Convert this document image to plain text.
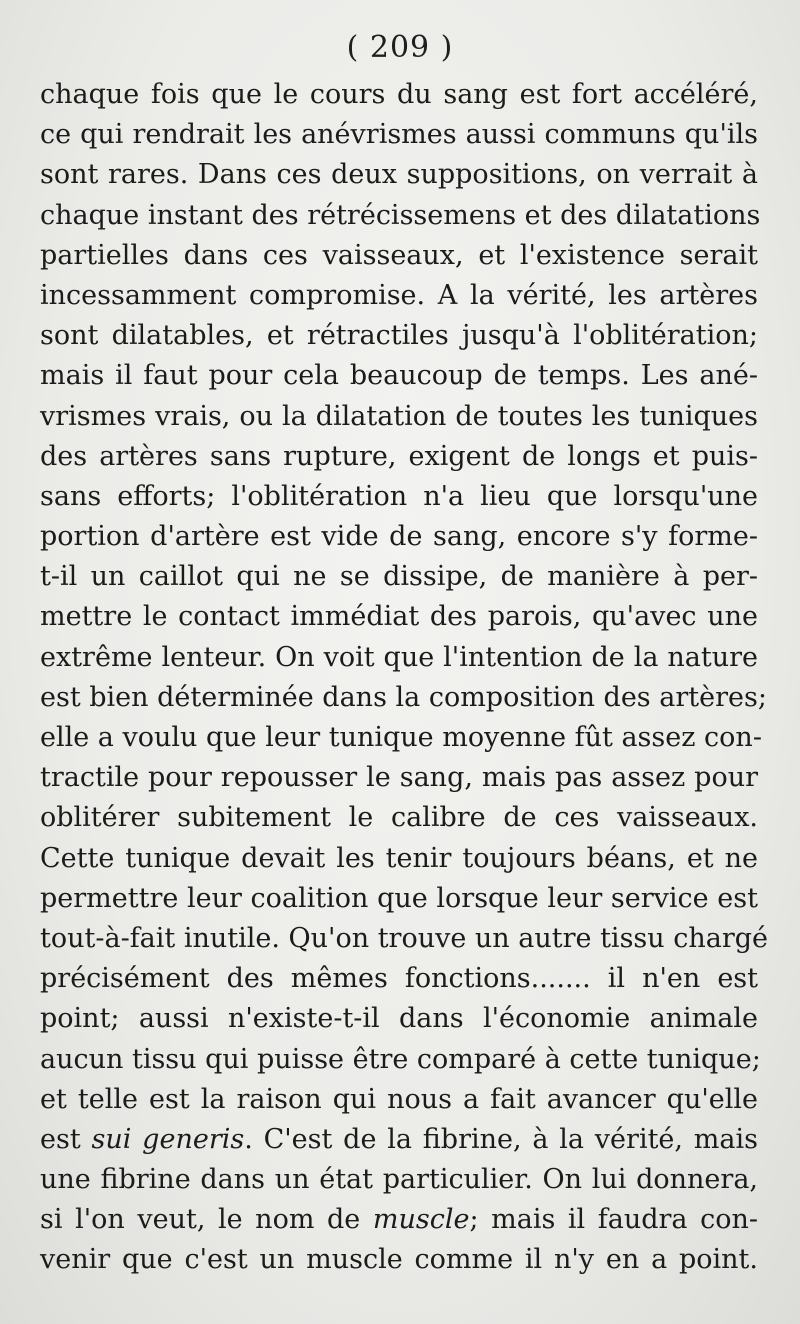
( 209 )
chaque fois que le cours du sang est fort accéléré,
ce qui rendrait les anévrismes aussi communs qu'ils
sont rares. Dans ces deux suppositions, on verrait à
chaque instant des rétrécissemens et des dilatations
partielles dans ces vaisseaux, et l'existence serait
incessamment compromise. A la vérité, les artères
sont dilatables, et rétractiles jusqu'à l'oblitération;
mais il faut pour cela beaucoup de temps. Les ané-
vrismes vrais, ou la dilatation de toutes les tuniques
des artères sans rupture, exigent de longs et puis-
sans efforts; l'oblitération n'a lieu que lorsqu'une
portion d'artère est vide de sang, encore s'y forme-
t-il un caillot qui ne se dissipe, de manière à per-
mettre le contact immédiat des parois, qu'avec une
extrême lenteur. On voit que l'intention de la nature
est bien déterminée dans la composition des artères;
elle a voulu que leur tunique moyenne fût assez con-
tractile pour repousser le sang, mais pas assez pour
oblitérer subitement le calibre de ces vaisseaux.
Cette tunique devait les tenir toujours béans, et ne
permettre leur coalition que lorsque leur service est
tout-à-fait inutile. Qu'on trouve un autre tissu chargé
précisément des mêmes fonctions....... il n'en est
point; aussi n'existe-t-il dans l'économie animale
aucun tissu qui puisse être comparé à cette tunique;
et telle est la raison qui nous a fait avancer qu'elle
est sui generis. C'est de la fibrine, à la vérité, mais
une fibrine dans un état particulier. On lui donnera,
si l'on veut, le nom de muscle; mais il faudra con-
venir que c'est un muscle comme il n'y en a point.
